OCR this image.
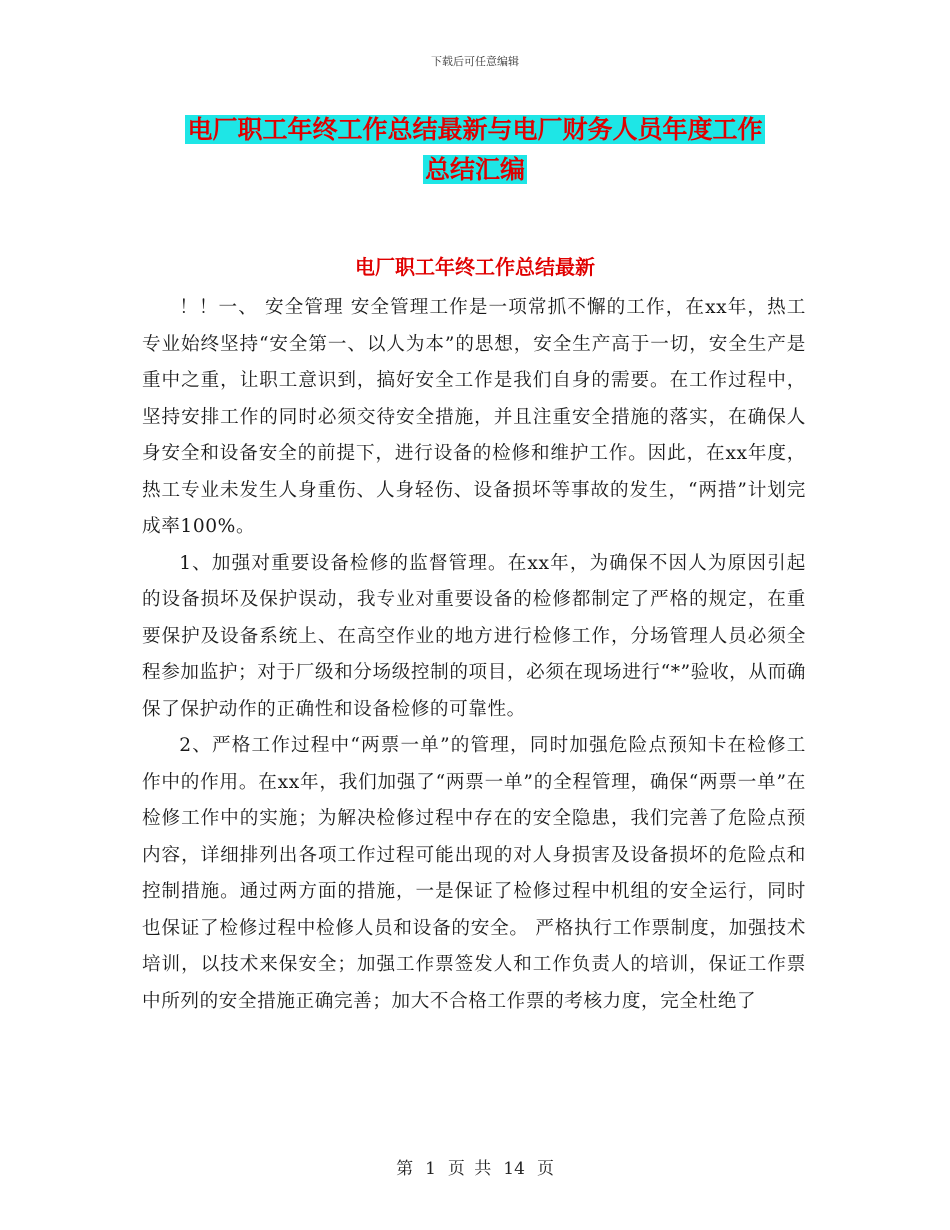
下载后可任意编辑
电厂职工年终工作总结最新与电厂财务人员年度工作
总结汇编
电厂职工年终工作总结最新

！！一、 安全管理 安全管理工作是一项常抓不懈的工作，在xx年，热工专业始终坚持“安全第一、以人为本”的思想，安全生产高于一切，安全生产是重中之重，让职工意识到，搞好安全工作是我们自身的需要。在工作过程中，坚持安排工作的同时必须交待安全措施，并且注重安全措施的落实，在确保人身安全和设备安全的前提下，进行设备的检修和维护工作。因此，在xx年度，热工专业未发生人身重伤、人身轻伤、设备损坏等事故的发生，“两措”计划完成率100%。

1、加强对重要设备检修的监督管理。在xx年，为确保不因人为原因引起的设备损坏及保护误动，我专业对重要设备的检修都制定了严格的规定，在重要保护及设备系统上、在高空作业的地方进行检修工作，分场管理人员必须全程参加监护；对于厂级和分场级控制的项目，必须在现场进行“*”验收，从而确保了保护动作的正确性和设备检修的可靠性。

2、严格工作过程中“两票一单”的管理，同时加强危险点预知卡在检修工作中的作用。在xx年，我们加强了“两票一单”的全程管理，确保“两票一单”在检修工作中的实施；为解决检修过程中存在的安全隐患，我们完善了危险点预内容，详细排列出各项工作过程可能出现的对人身损害及设备损坏的危险点和控制措施。通过两方面的措施，一是保证了检修过程中机组的安全运行，同时也保证了检修过程中检修人员和设备的安全。 严格执行工作票制度，加强技术培训，以技术来保安全；加强工作票签发人和工作负责人的培训，保证工作票中所列的安全措施正确完善；加大不合格工作票的考核力度，完全杜绝了

第 1 页 共 14 页
